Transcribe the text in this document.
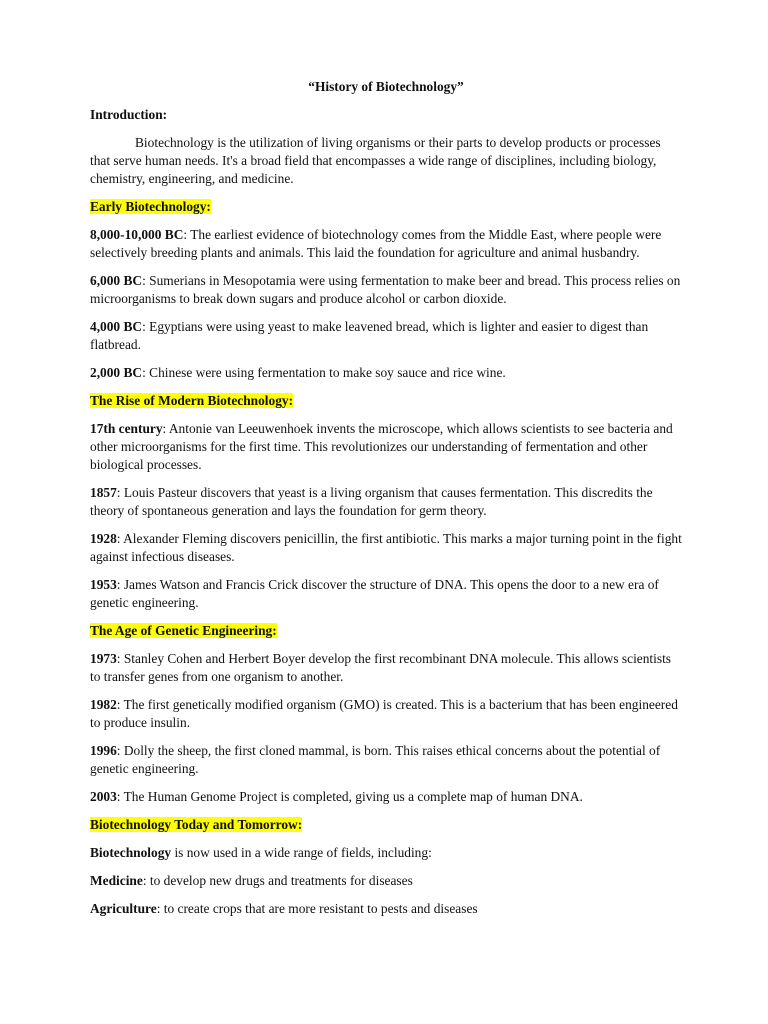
“History of Biotechnology”

Introduction:

Biotechnology is the utilization of living organisms or their parts to develop products or processes that serve human needs. It's a broad field that encompasses a wide range of disciplines, including biology, chemistry, engineering, and medicine.

Early Biotechnology:

8,000-10,000 BC: The earliest evidence of biotechnology comes from the Middle East, where people were selectively breeding plants and animals. This laid the foundation for agriculture and animal husbandry.

6,000 BC: Sumerians in Mesopotamia were using fermentation to make beer and bread. This process relies on microorganisms to break down sugars and produce alcohol or carbon dioxide.

4,000 BC: Egyptians were using yeast to make leavened bread, which is lighter and easier to digest than flatbread.

2,000 BC: Chinese were using fermentation to make soy sauce and rice wine.

The Rise of Modern Biotechnology:

17th century: Antonie van Leeuwenhoek invents the microscope, which allows scientists to see bacteria and other microorganisms for the first time. This revolutionizes our understanding of fermentation and other biological processes.

1857: Louis Pasteur discovers that yeast is a living organism that causes fermentation. This discredits the theory of spontaneous generation and lays the foundation for germ theory.

1928: Alexander Fleming discovers penicillin, the first antibiotic. This marks a major turning point in the fight against infectious diseases.

1953: James Watson and Francis Crick discover the structure of DNA. This opens the door to a new era of genetic engineering.

The Age of Genetic Engineering:

1973: Stanley Cohen and Herbert Boyer develop the first recombinant DNA molecule. This allows scientists to transfer genes from one organism to another.

1982: The first genetically modified organism (GMO) is created. This is a bacterium that has been engineered to produce insulin.

1996: Dolly the sheep, the first cloned mammal, is born. This raises ethical concerns about the potential of genetic engineering.

2003: The Human Genome Project is completed, giving us a complete map of human DNA.

Biotechnology Today and Tomorrow:

Biotechnology is now used in a wide range of fields, including:

Medicine: to develop new drugs and treatments for diseases

Agriculture: to create crops that are more resistant to pests and diseases
